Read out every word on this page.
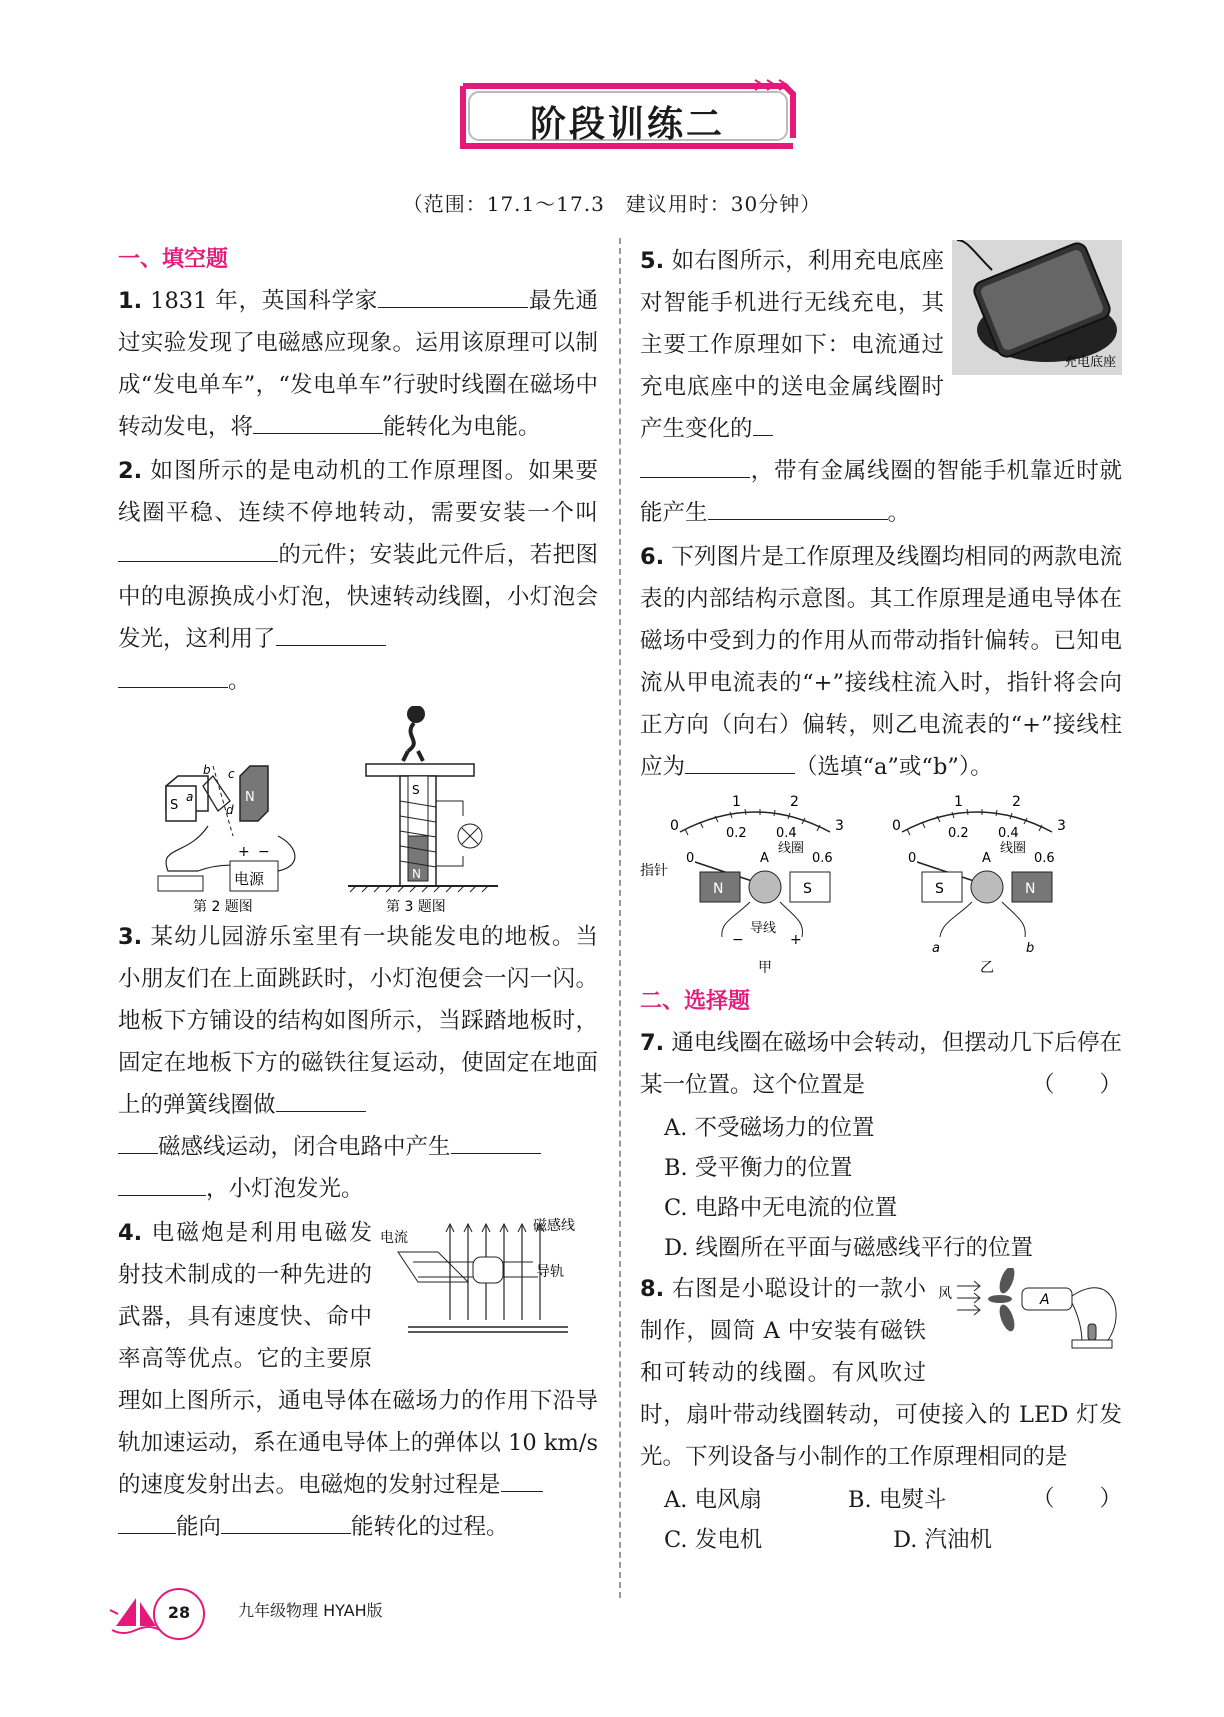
阶段训练二
（范围：17.1～17.3　建议用时：30分钟）
一、填空题
1. 1831 年，英国科学家	最先通过实验发现了电磁感应现象。运用该原理可以制成“发电单车”，“发电单车”行驶时线圈在磁场中转动发电，将	能转化为电能。
2. 如图所示的是电动机的工作原理图。如果要线圈平稳、连续不停地转动，需要安装一个叫的元件；安装此元件后，若把图中的电源换成小灯泡，快速转动线圈，小灯泡会发光，这利用了
。
S
N
a
b c
d
电源
+ −
第 2 题图
S
N
第 3 题图
3. 某幼儿园游乐室里有一块能发电的地板。当小朋友们在上面跳跃时，小灯泡便会一闪一闪。地板下方铺设的结构如图所示，当踩踏地板时，固定在地板下方的磁铁往复运动，使固定在地面上的弹簧线圈做
磁感线运动，闭合电路中产生
，小灯泡发光。
电流
磁感线
导轨
4. 电磁炮是利用电磁发射技术制成的一种先进的武器，具有速度快、命中率高等优点。它的主要原理如上图所示，通电导体在磁场力的作用下沿导轨加速运动，系在通电导体上的弹体以 10 km/s 的速度发射出去。电磁炮的发射过程是
能向	能转化的过程。
充电底座
5. 如右图所示，利用充电底座对智能手机进行无线充电，其主要工作原理如下：电流通过充电底座中的送电金属线圈时产生变化的
，带有金属线圈的智能手机靠近时就能产生	。
6. 下列图片是工作原理及线圈均相同的两款电流表的内部结构示意图。其工作原理是通电导体在磁场中受到力的作用从而带动指针偏转。已知电流从甲电流表的“+”接线柱流入时，指针将会向正方向（向右）偏转，则乙电流表的“+”接线柱应为	（选填“a”或“b”）。
0
1	2
3
0
0.2 0.4
0.6
指针
A
线圈
N	S
导线
−	+
甲
0
1	2
3
0
0.2 0.4
0.6
A
线圈
S	N
a	b
乙
二、选择题
7. 通电线圈在磁场中会转动，但摆动几下后停在某一位置。这个位置是	（　　）
A. 不受磁场力的位置
B. 受平衡力的位置
C. 电路中无电流的位置
D. 线圈所在平面与磁感线平行的位置
风	A
8. 右图是小聪设计的一款小制作，圆筒 A 中安装有磁铁和可转动的线圈。有风吹过时，扇叶带动线圈转动，可使接入的 LED 灯发光。下列设备与小制作的工作原理相同的是
（　　）
A. 电风扇	B. 电熨斗
C. 发电机	D. 汽油机
28	九年级物理 HYAH版
